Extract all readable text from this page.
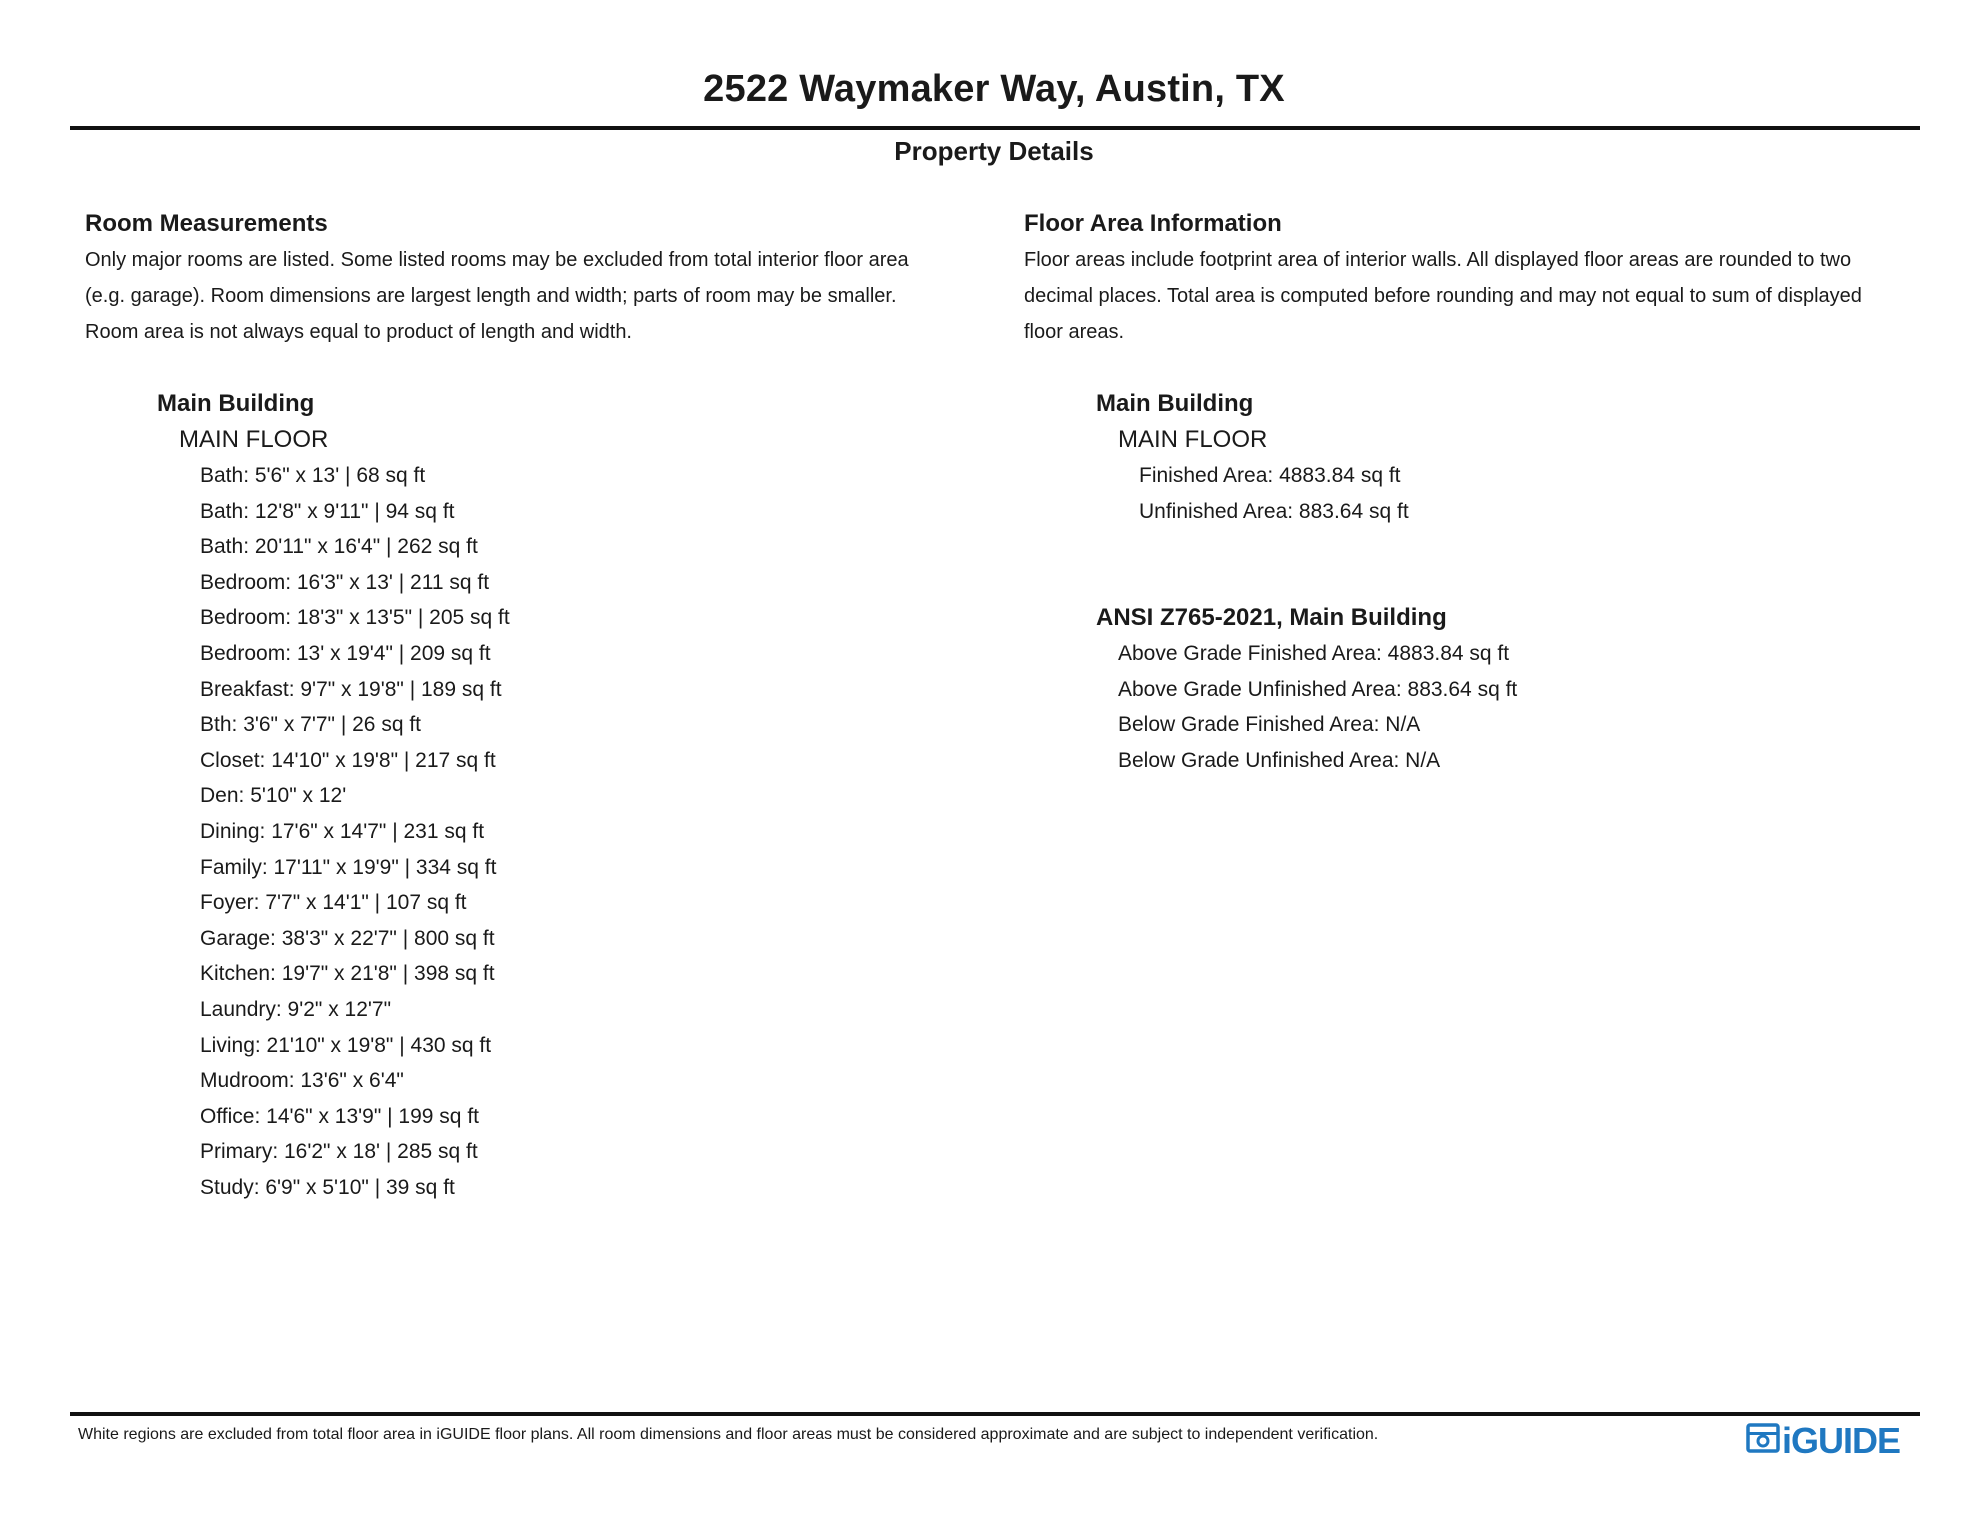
2522 Waymaker Way, Austin, TX
Property Details
Room Measurements

Only major rooms are listed. Some listed rooms may be excluded from total interior floor area
(e.g. garage). Room dimensions are largest length and width; parts of room may be smaller.
Room area is not always equal to product of length and width.

Main Building
MAIN FLOOR
Bath: 5'6" x 13' | 68 sq ft
Bath: 12'8" x 9'11" | 94 sq ft
Bath: 20'11" x 16'4" | 262 sq ft
Bedroom: 16'3" x 13' | 211 sq ft
Bedroom: 18'3" x 13'5" | 205 sq ft
Bedroom: 13' x 19'4" | 209 sq ft
Breakfast: 9'7" x 19'8" | 189 sq ft
Bth: 3'6" x 7'7" | 26 sq ft
Closet: 14'10" x 19'8" | 217 sq ft
Den: 5'10" x 12'
Dining: 17'6" x 14'7" | 231 sq ft
Family: 17'11" x 19'9" | 334 sq ft
Foyer: 7'7" x 14'1" | 107 sq ft
Garage: 38'3" x 22'7" | 800 sq ft
Kitchen: 19'7" x 21'8" | 398 sq ft
Laundry: 9'2" x 12'7"
Living: 21'10" x 19'8" | 430 sq ft
Mudroom: 13'6" x 6'4"
Office: 14'6" x 13'9" | 199 sq ft
Primary: 16'2" x 18' | 285 sq ft
Study: 6'9" x 5'10" | 39 sq ft
Floor Area Information

Floor areas include footprint area of interior walls. All displayed floor areas are rounded to two
decimal places. Total area is computed before rounding and may not equal to sum of displayed
floor areas.

Main Building
MAIN FLOOR
Finished Area: 4883.84 sq ft
Unfinished Area: 883.64 sq ft
ANSI Z765-2021, Main Building
Above Grade Finished Area: 4883.84 sq ft
Above Grade Unfinished Area: 883.64 sq ft
Below Grade Finished Area: N/A
Below Grade Unfinished Area: N/A

White regions are excluded from total floor area in iGUIDE floor plans. All room dimensions and floor areas must be considered approximate and are subject to independent verification.	iGUIDE
